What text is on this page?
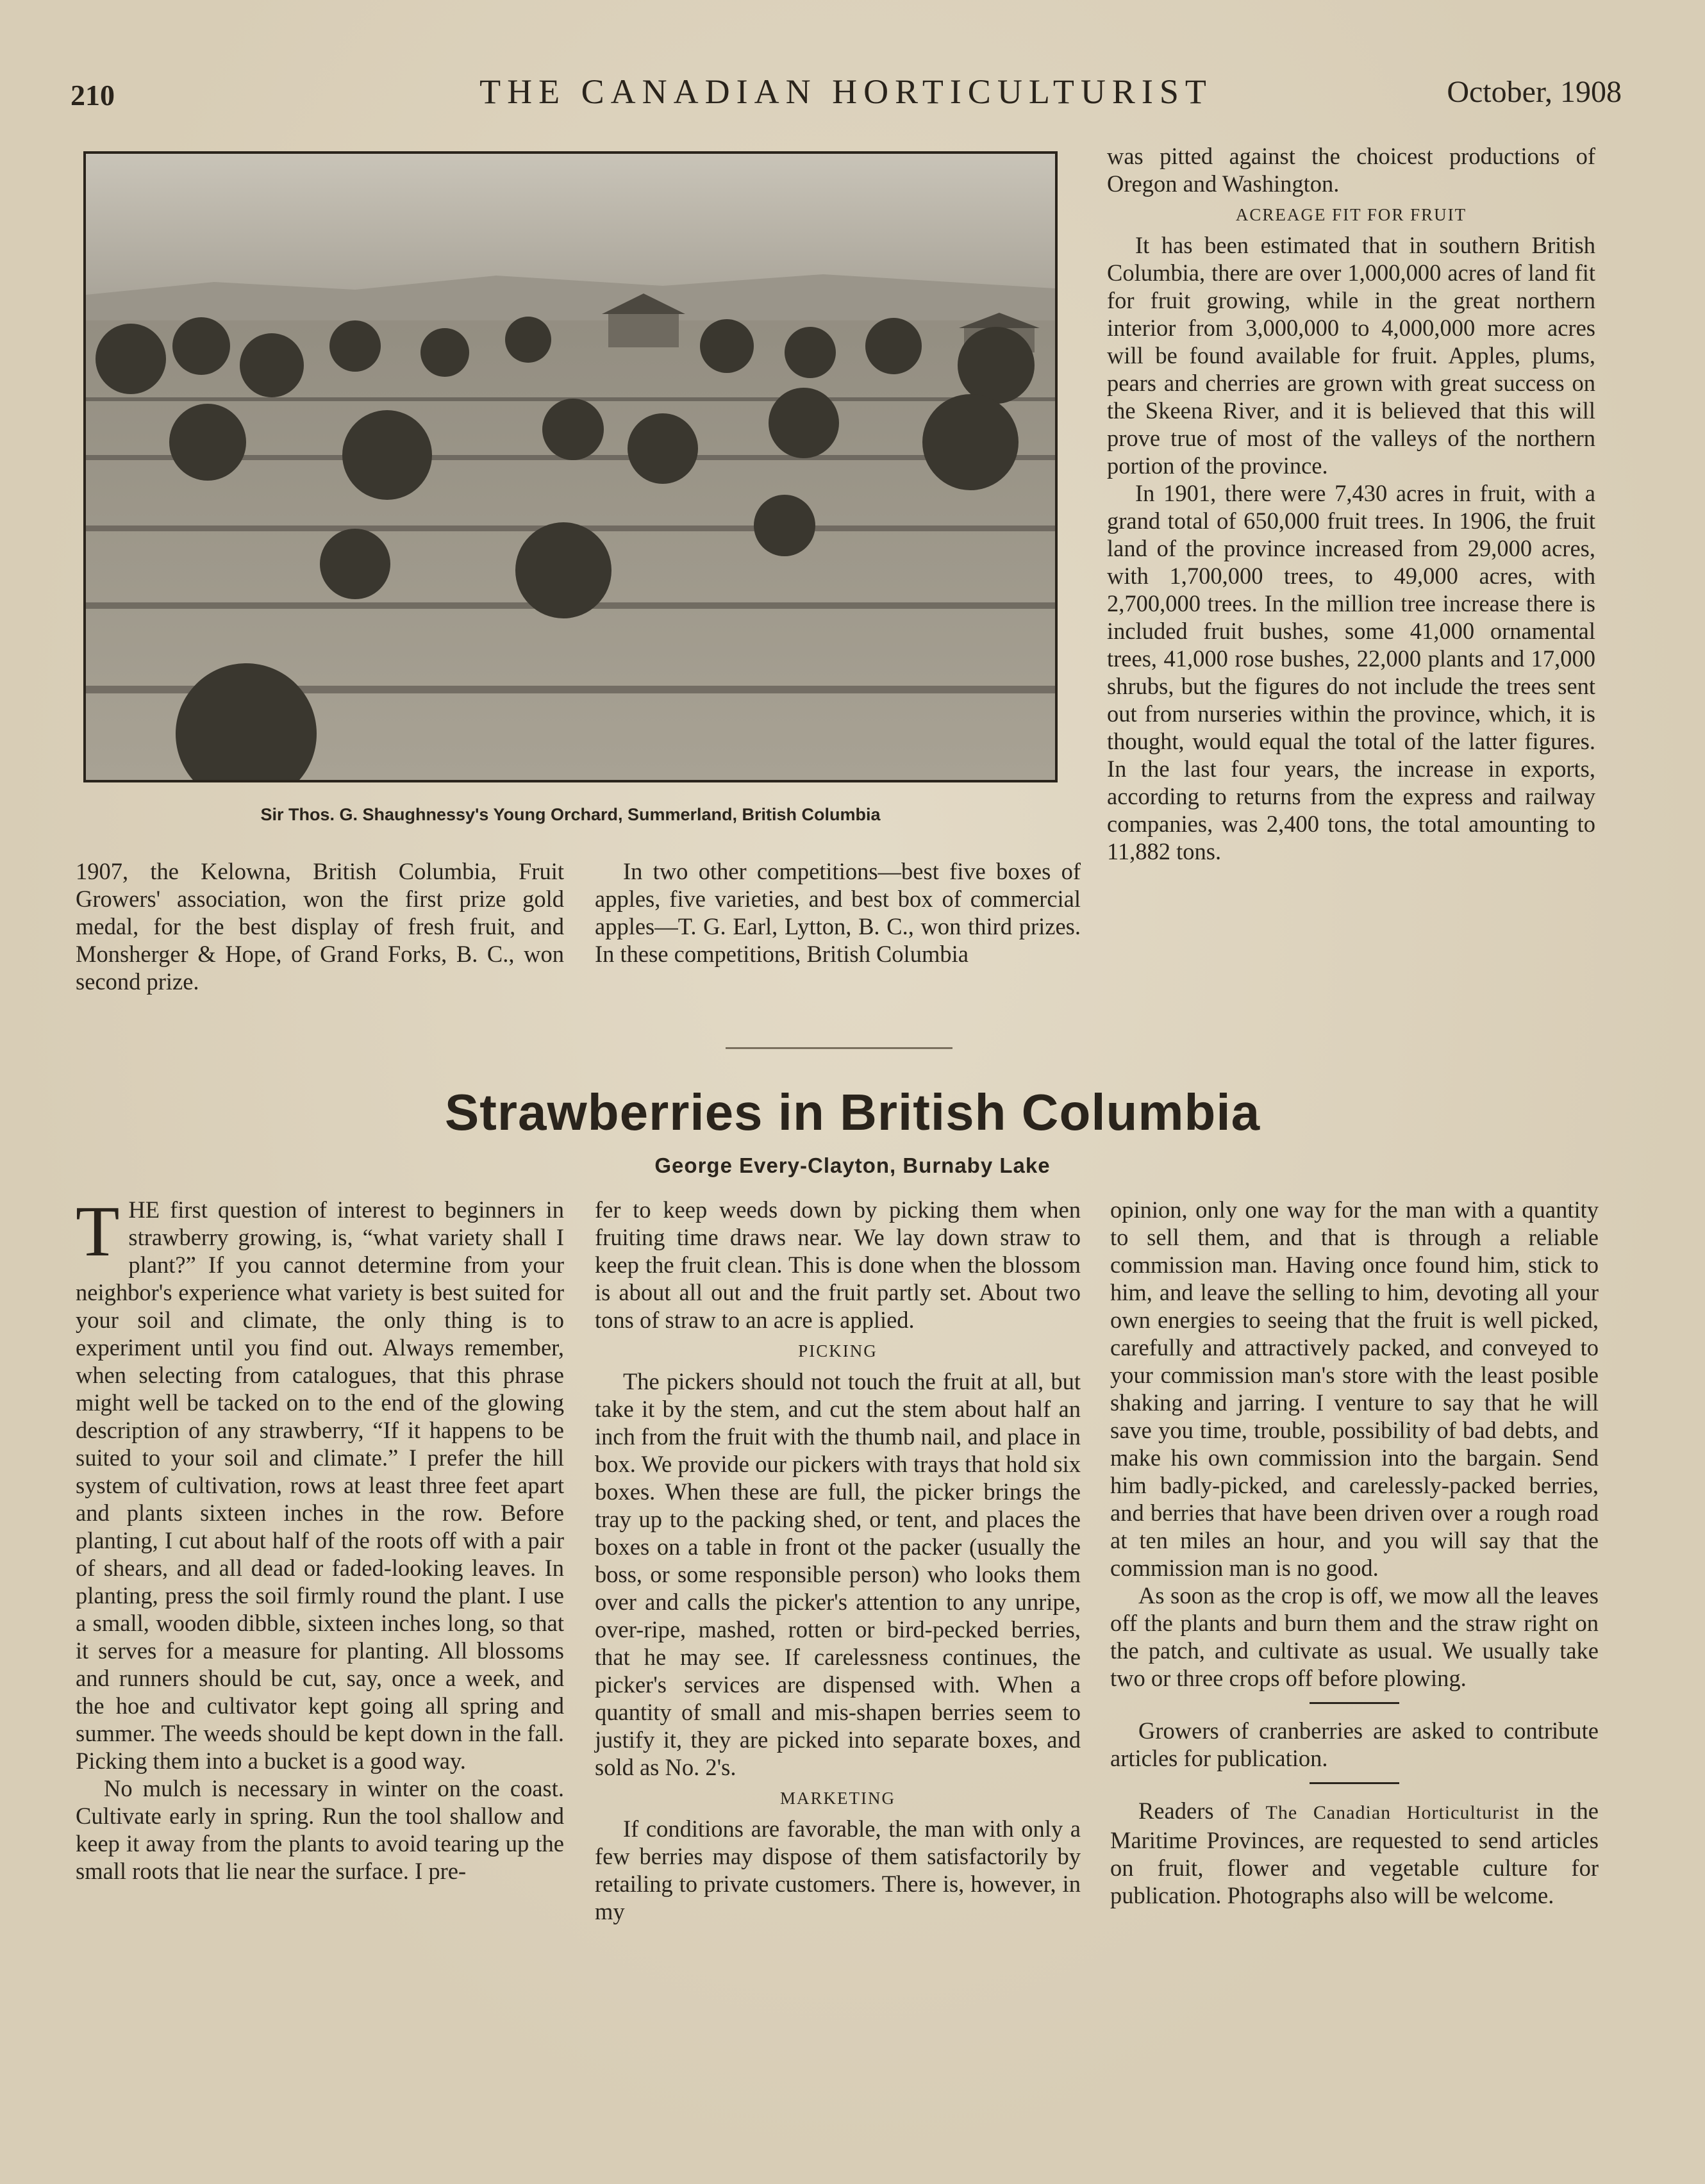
210	THE CANADIAN HORTICULTURIST	October, 1908
Sir Thos. G. Shaughnessy's Young Orchard, Summerland, British Columbia

1907, the Kelowna, British Columbia, Fruit Growers' association, won the first prize gold medal, for the best display of fresh fruit, and Monsherger & Hope, of Grand Forks, B. C., won second prize.

In two other competitions—best five boxes of apples, five varieties, and best box of commercial apples—T. G. Earl, Lytton, B. C., won third prizes. In these competitions, British Columbia

was pitted against the choicest productions of Oregon and Washington.

ACREAGE FIT FOR FRUIT

It has been estimated that in southern British Columbia, there are over 1,000,000 acres of land fit for fruit growing, while in the great northern interior from 3,000,000 to 4,000,000 more acres will be found available for fruit. Apples, plums, pears and cherries are grown with great success on the Skeena River, and it is believed that this will prove true of most of the valleys of the northern portion of the province.

In 1901, there were 7,430 acres in fruit, with a grand total of 650,000 fruit trees. In 1906, the fruit land of the province increased from 29,000 acres, with 1,700,000 trees, to 49,000 acres, with 2,700,000 trees. In the million tree increase there is included fruit bushes, some 41,000 ornamental trees, 41,000 rose bushes, 22,000 plants and 17,000 shrubs, but the figures do not include the trees sent out from nurseries within the province, which, it is thought, would equal the total of the latter figures. In the last four years, the increase in exports, according to returns from the express and railway companies, was 2,400 tons, the total amounting to 11,882 tons.

Strawberries in British Columbia
George Every-Clayton, Burnaby Lake

THE first question of interest to beginners in strawberry growing, is, “what variety shall I plant?” If you cannot determine from your neighbor's experience what variety is best suited for your soil and climate, the only thing is to experiment until you find out. Always remember, when selecting from catalogues, that this phrase might well be tacked on to the end of the glowing description of any strawberry, “If it happens to be suited to your soil and climate.” I prefer the hill system of cultivation, rows at least three feet apart and plants sixteen inches in the row. Before planting, I cut about half of the roots off with a pair of shears, and all dead or faded-looking leaves. In planting, press the soil firmly round the plant. I use a small, wooden dibble, sixteen inches long, so that it serves for a measure for planting. All blossoms and runners should be cut, say, once a week, and the hoe and cultivator kept going all spring and summer. The weeds should be kept down in the fall. Picking them into a bucket is a good way.

No mulch is necessary in winter on the coast. Cultivate early in spring. Run the tool shallow and keep it away from the plants to avoid tearing up the small roots that lie near the surface. I pre-

fer to keep weeds down by picking them when fruiting time draws near. We lay down straw to keep the fruit clean. This is done when the blossom is about all out and the fruit partly set. About two tons of straw to an acre is applied.

PICKING

The pickers should not touch the fruit at all, but take it by the stem, and cut the stem about half an inch from the fruit with the thumb nail, and place in box. We provide our pickers with trays that hold six boxes. When these are full, the picker brings the tray up to the packing shed, or tent, and places the boxes on a table in front ot the packer (usually the boss, or some responsible person) who looks them over and calls the picker's attention to any unripe, over-ripe, mashed, rotten or bird-pecked berries, that he may see. If carelessness continues, the picker's services are dispensed with. When a quantity of small and mis-shapen berries seem to justify it, they are picked into separate boxes, and sold as No. 2's.

MARKETING

If conditions are favorable, the man with only a few berries may dispose of them satisfactorily by retailing to private customers. There is, however, in my

opinion, only one way for the man with a quantity to sell them, and that is through a reliable commission man. Having once found him, stick to him, and leave the selling to him, devoting all your own energies to seeing that the fruit is well picked, carefully and attractively packed, and conveyed to your commission man's store with the least posible shaking and jarring. I venture to say that he will save you time, trouble, possibility of bad debts, and make his own commission into the bargain. Send him badly-picked, and carelessly-packed berries, and berries that have been driven over a rough road at ten miles an hour, and you will say that the commission man is no good.

As soon as the crop is off, we mow all the leaves off the plants and burn them and the straw right on the patch, and cultivate as usual. We usually take two or three crops off before plowing.

Growers of cranberries are asked to contribute articles for publication.

Readers of The Canadian Horticulturist in the Maritime Provinces, are requested to send articles on fruit, flower and vegetable culture for publication. Photographs also will be welcome.
